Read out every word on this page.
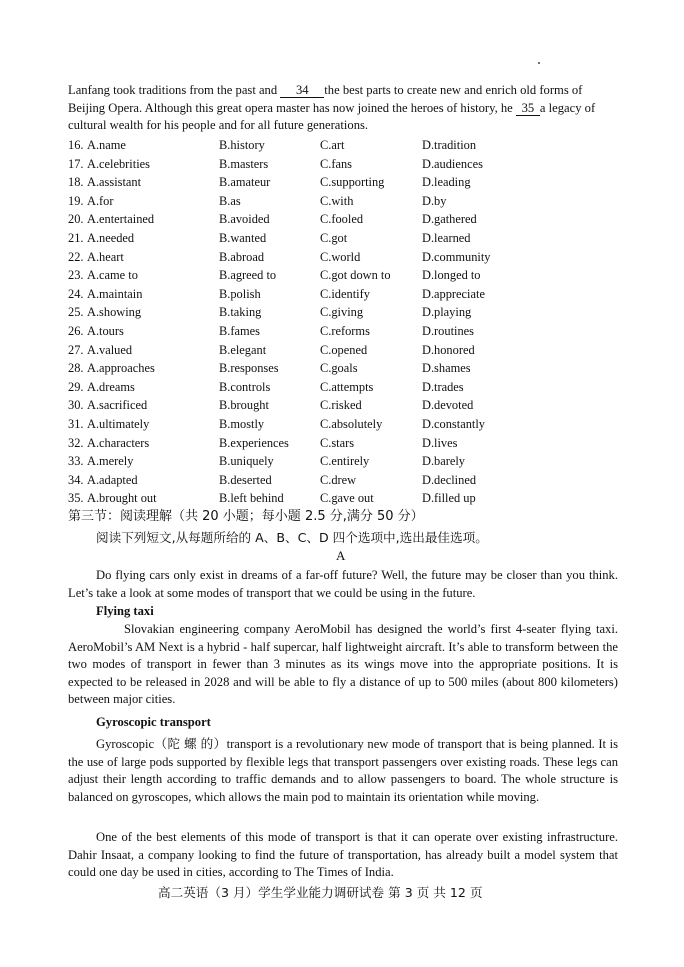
Lanfang took traditions from the past and 34 the best parts to create new and enrich old forms of
Beijing Opera. Although this great opera master has now joined the heroes of history, he 35 a legacy of
cultural wealth for his people and for all future generations.
16. A.name	B.history	C.art	D.tradition
17. A.celebrities	B.masters	C.fans	D.audiences
18. A.assistant	B.amateur	C.supporting	D.leading
19. A.for	B.as	C.with	D.by
20. A.entertained	B.avoided	C.fooled	D.gathered
21. A.needed	B.wanted	C.got	D.learned
22. A.heart	B.abroad	C.world	D.community
23. A.came to	B.agreed to	C.got down to	D.longed to
24. A.maintain	B.polish	C.identify	D.appreciate
25. A.showing	B.taking	C.giving	D.playing
26. A.tours	B.fames	C.reforms	D.routines
27. A.valued	B.elegant	C.opened	D.honored
28. A.approaches	B.responses	C.goals	D.shames
29. A.dreams	B.controls	C.attempts	D.trades
30. A.sacrificed	B.brought	C.risked	D.devoted
31. A.ultimately	B.mostly	C.absolutely	D.constantly
32. A.characters	B.experiences	C.stars	D.lives
33. A.merely	B.uniquely	C.entirely	D.barely
34. A.adapted	B.deserted	C.drew	D.declined
35. A.brought out	B.left behind	C.gave out	D.filled up
第三节：阅读理解（共 20 小题；每小题 2.5 分,满分 50 分）
阅读下列短文,从每题所给的 A、B、C、D 四个选项中,选出最佳选项。
A
Do flying cars only exist in dreams of a far-off future? Well, the future may be closer than you think. Let’s take a look at some modes of transport that we could be using in the future.
Flying taxi
Slovakian engineering company AeroMobil has designed the world’s first 4-seater flying taxi. AeroMobil’s AM Next is a hybrid - half supercar, half lightweight aircraft. It’s able to transform between the two modes of transport in fewer than 3 minutes as its wings move into the appropriate positions. It is expected to be released in 2028 and will be able to fly a distance of up to 500 miles (about 800 kilometers) between major cities.
Gyroscopic transport
Gyroscopic（陀 螺 的）transport is a revolutionary new mode of transport that is being planned. It is the use of large pods supported by flexible legs that transport passengers over existing roads. These legs can adjust their length according to traffic demands and to allow passengers to board. The whole structure is balanced on gyroscopes, which allows the main pod to maintain its orientation while moving.
One of the best elements of this mode of transport is that it can operate over existing infrastructure. Dahir Insaat, a company looking to find the future of transportation, has already built a model system that could one day be used in cities, according to The Times of India.
高二英语（3 月）学生学业能力调研试卷 第 3 页 共 12 页
